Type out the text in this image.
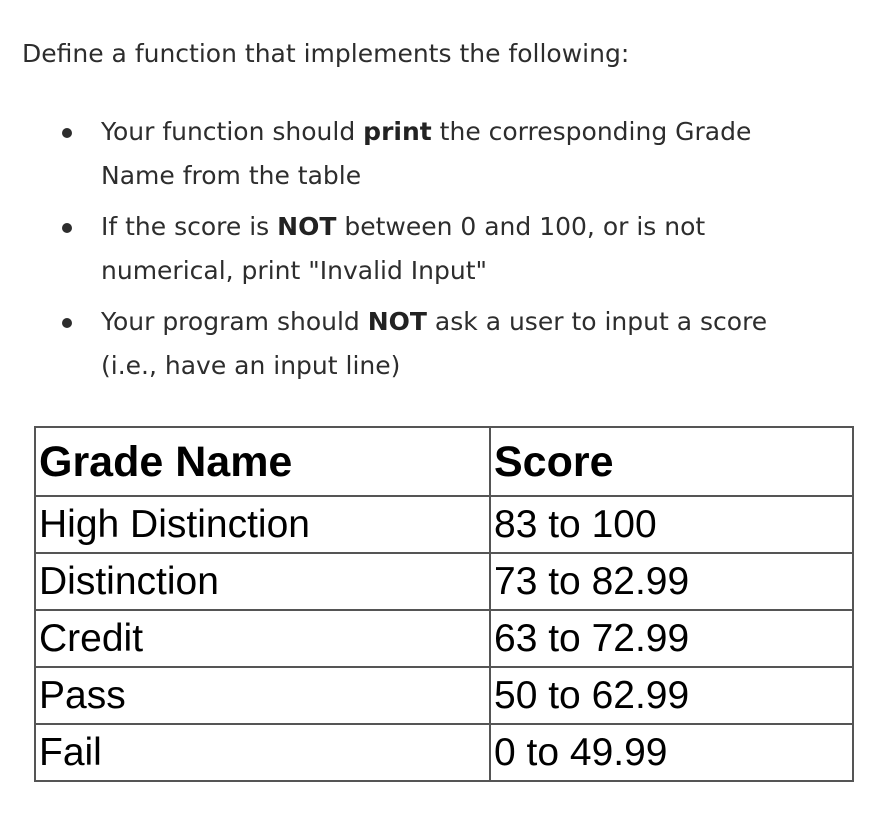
Define a function that implements the following:

Your function should print the corresponding Grade
Name from the table
If the score is NOT between 0 and 100, or is not
numerical, print "Invalid Input"
Your program should NOT ask a user to input a score
(i.e., have an input line)
Grade Name	Score
High Distinction	83 to 100
Distinction	73 to 82.99
Credit	63 to 72.99
Pass	50 to 62.99
Fail	0 to 49.99
